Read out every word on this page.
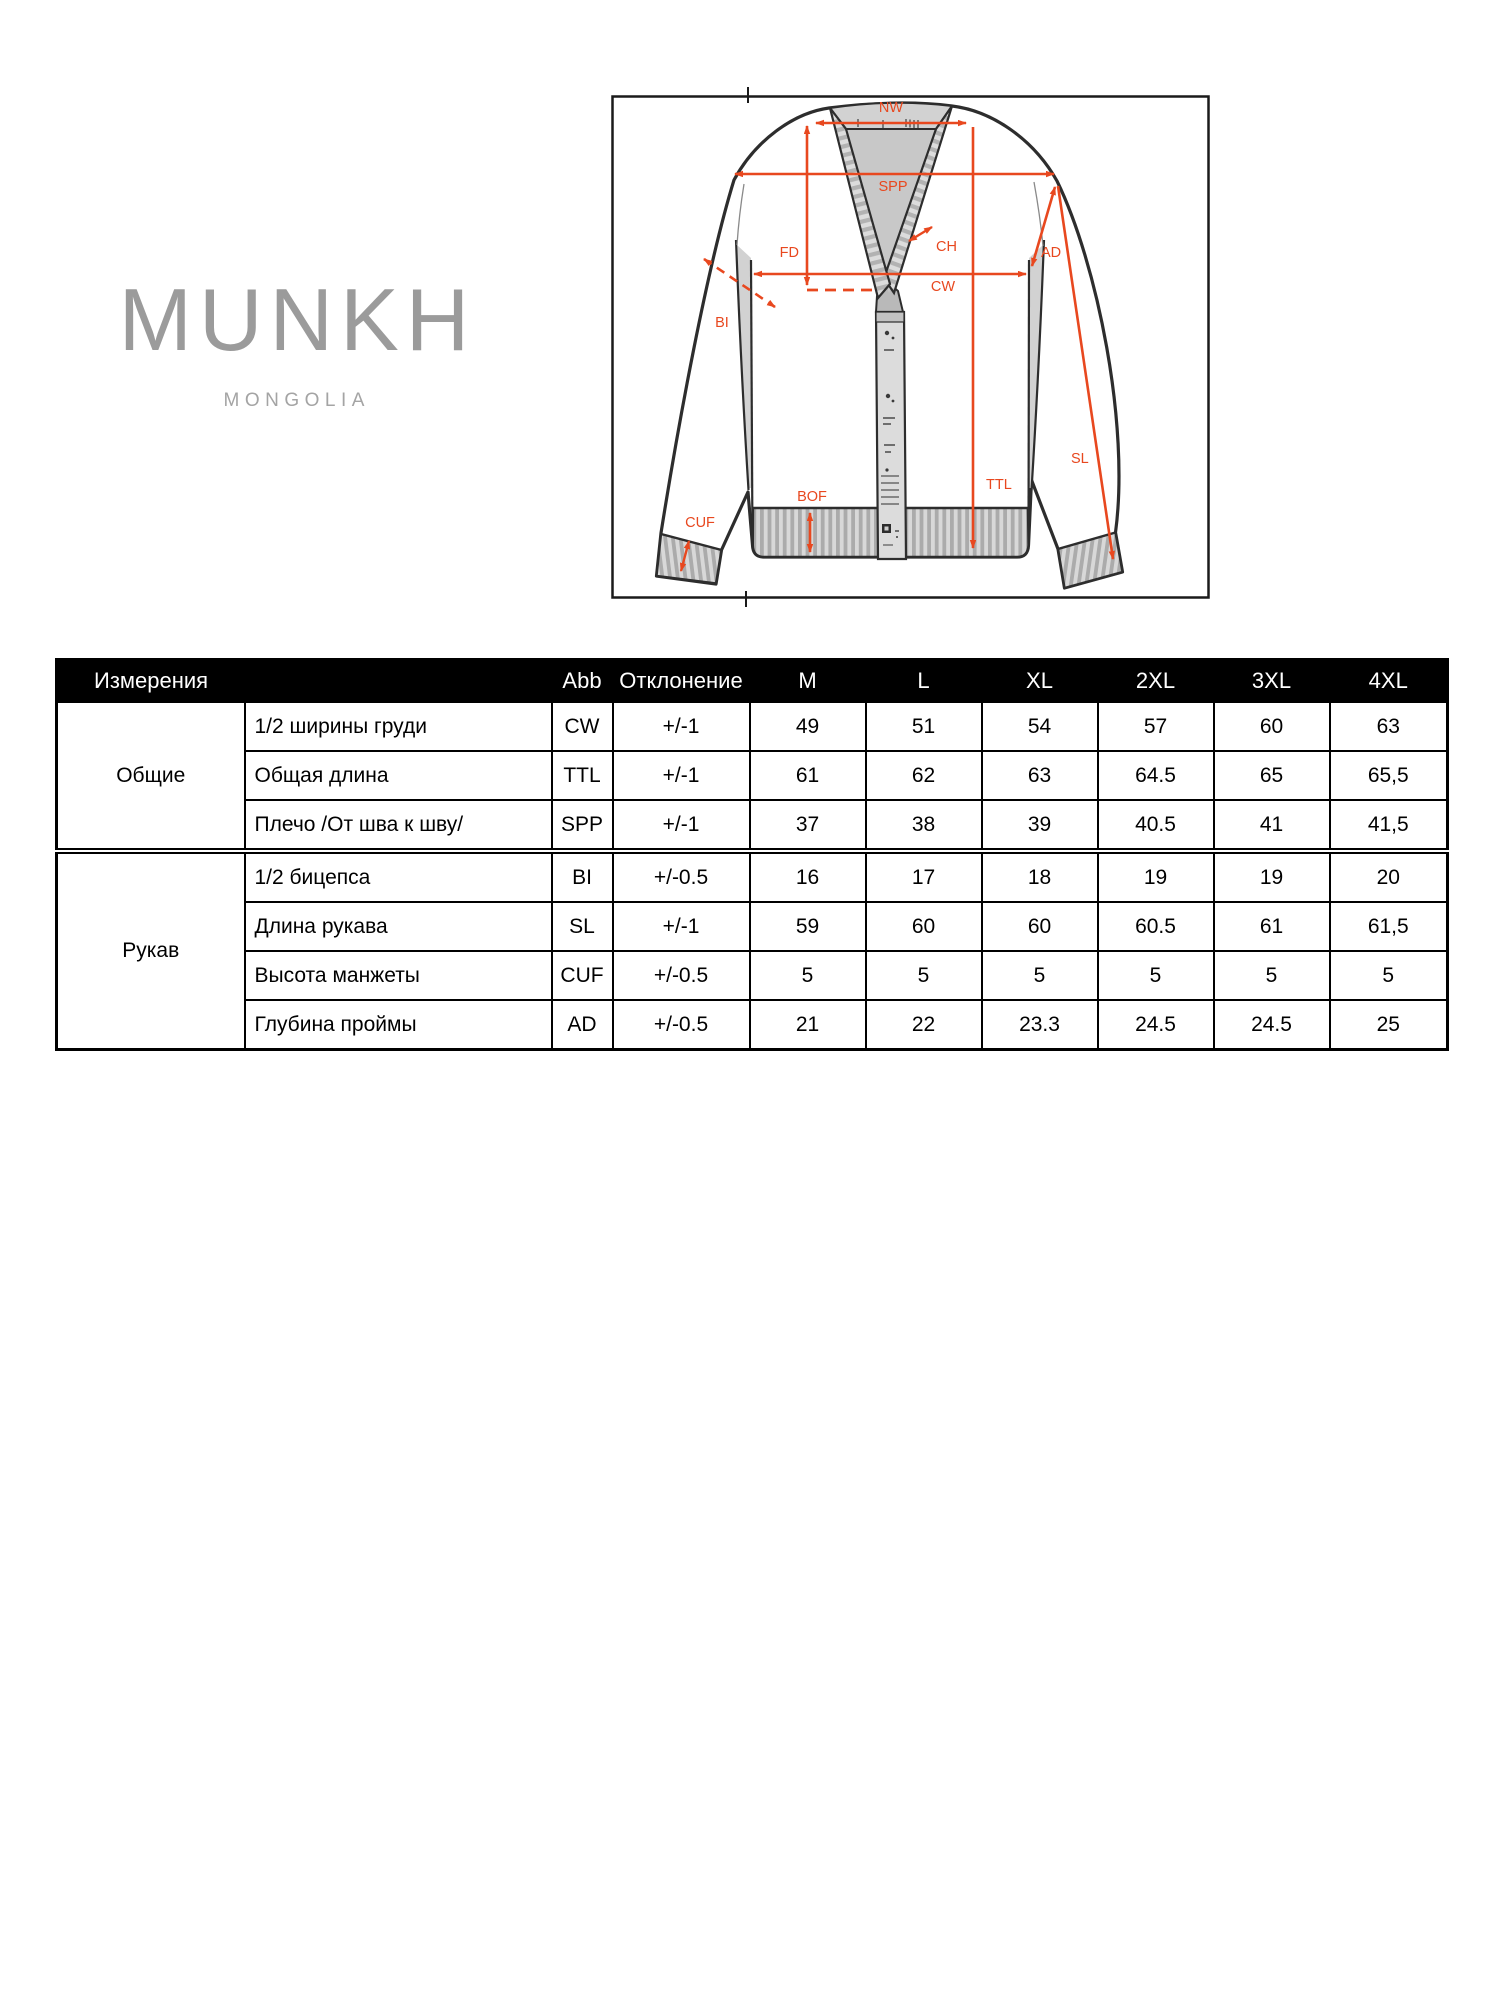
MUNKH
MONGOLIA
NW
SPP
FD	CH
CW
BI
AD
TTL
SL
BOF
CUF
Измерения		Abb	Отклонение	M	L	XL	2XL	3XL	4XL
Общие	1/2 ширины груди	CW	+/-1	49	51	54	57	60	63
	Общая длина	TTL	+/-1	61	62	63	64.5	65	65,5
	Плечо /От шва к шву/	SPP	+/-1	37	38	39	40.5	41	41,5
Рукав	1/2 бицепса	BI	+/-0.5	16	17	18	19	19	20
	Длина рукава	SL	+/-1	59	60	60	60.5	61	61,5
	Высота манжеты	CUF	+/-0.5	5	5	5	5	5	5
	Глубина проймы	AD	+/-0.5	21	22	23.3	24.5	24.5	25
